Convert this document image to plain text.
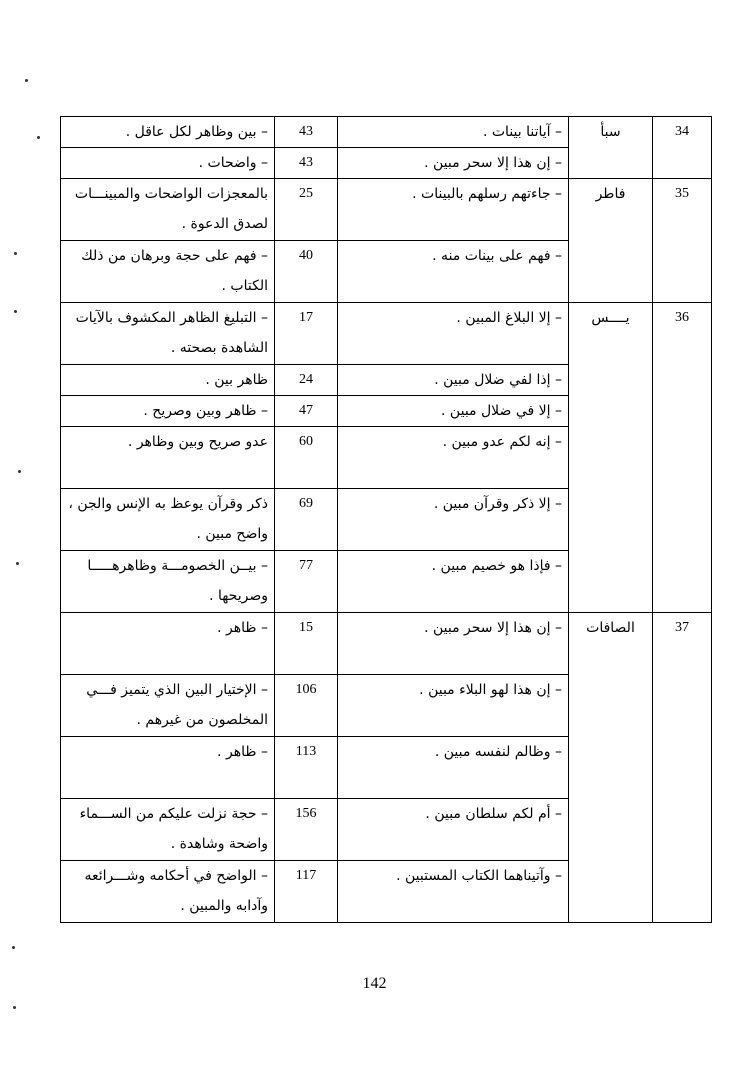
34	سبأ	– آياتنا بينات .	43	– بين وظاهر لكل عاقل .
		– إن هذا إلا سحر مبين .	43	– واضحات .
35	فاطر	– جاءتهم رسلهم بالبينات .	25	بالمعجزات الواضحات والمبينـــات لصدق الدعوة .
		– فهم على بينات منه .	40	– فهم على حجة وبرهان من ذلك الكتاب .
36	يــــس	– إلا البلاغ المبين .	17	– التبليغ الظاهر المكشوف بالآيات الشاهدة بصحته .
		– إذا لفي ضلال مبين .	24	ظاهر بين .
		– إلا في ضلال مبين .	47	– ظاهر وبين وصريح .
		– إنه لكم عدو مبين .	60	عدو صريح وبين وظاهر .
		– إلا ذكر وقرآن مبين .	69	ذكر وقرآن يوعظ به الإنس والجن ، واضح مبين .
		– فإذا هو خصيم مبين .	77	– بيــن الخصومـــة وظاهرهـــــا وصريحها .
37	الصافات	– إن هذا إلا سحر مبين .	15	– ظاهر .
		– إن هذا لهو البلاء مبين .	106	– الإختيار البين الذي يتميز فـــي المخلصون من غيرهم .
		– وظالم لنفسه مبين .	113	– ظاهر .
		– أم لكم سلطان مبين .	156	– حجة نزلت عليكم من الســـماء واضحة وشاهدة .
		– وآتيناهما الكتاب المستبين .	117	– الواضح في أحكامه وشـــرائعه وآدابه والمبين .
142
